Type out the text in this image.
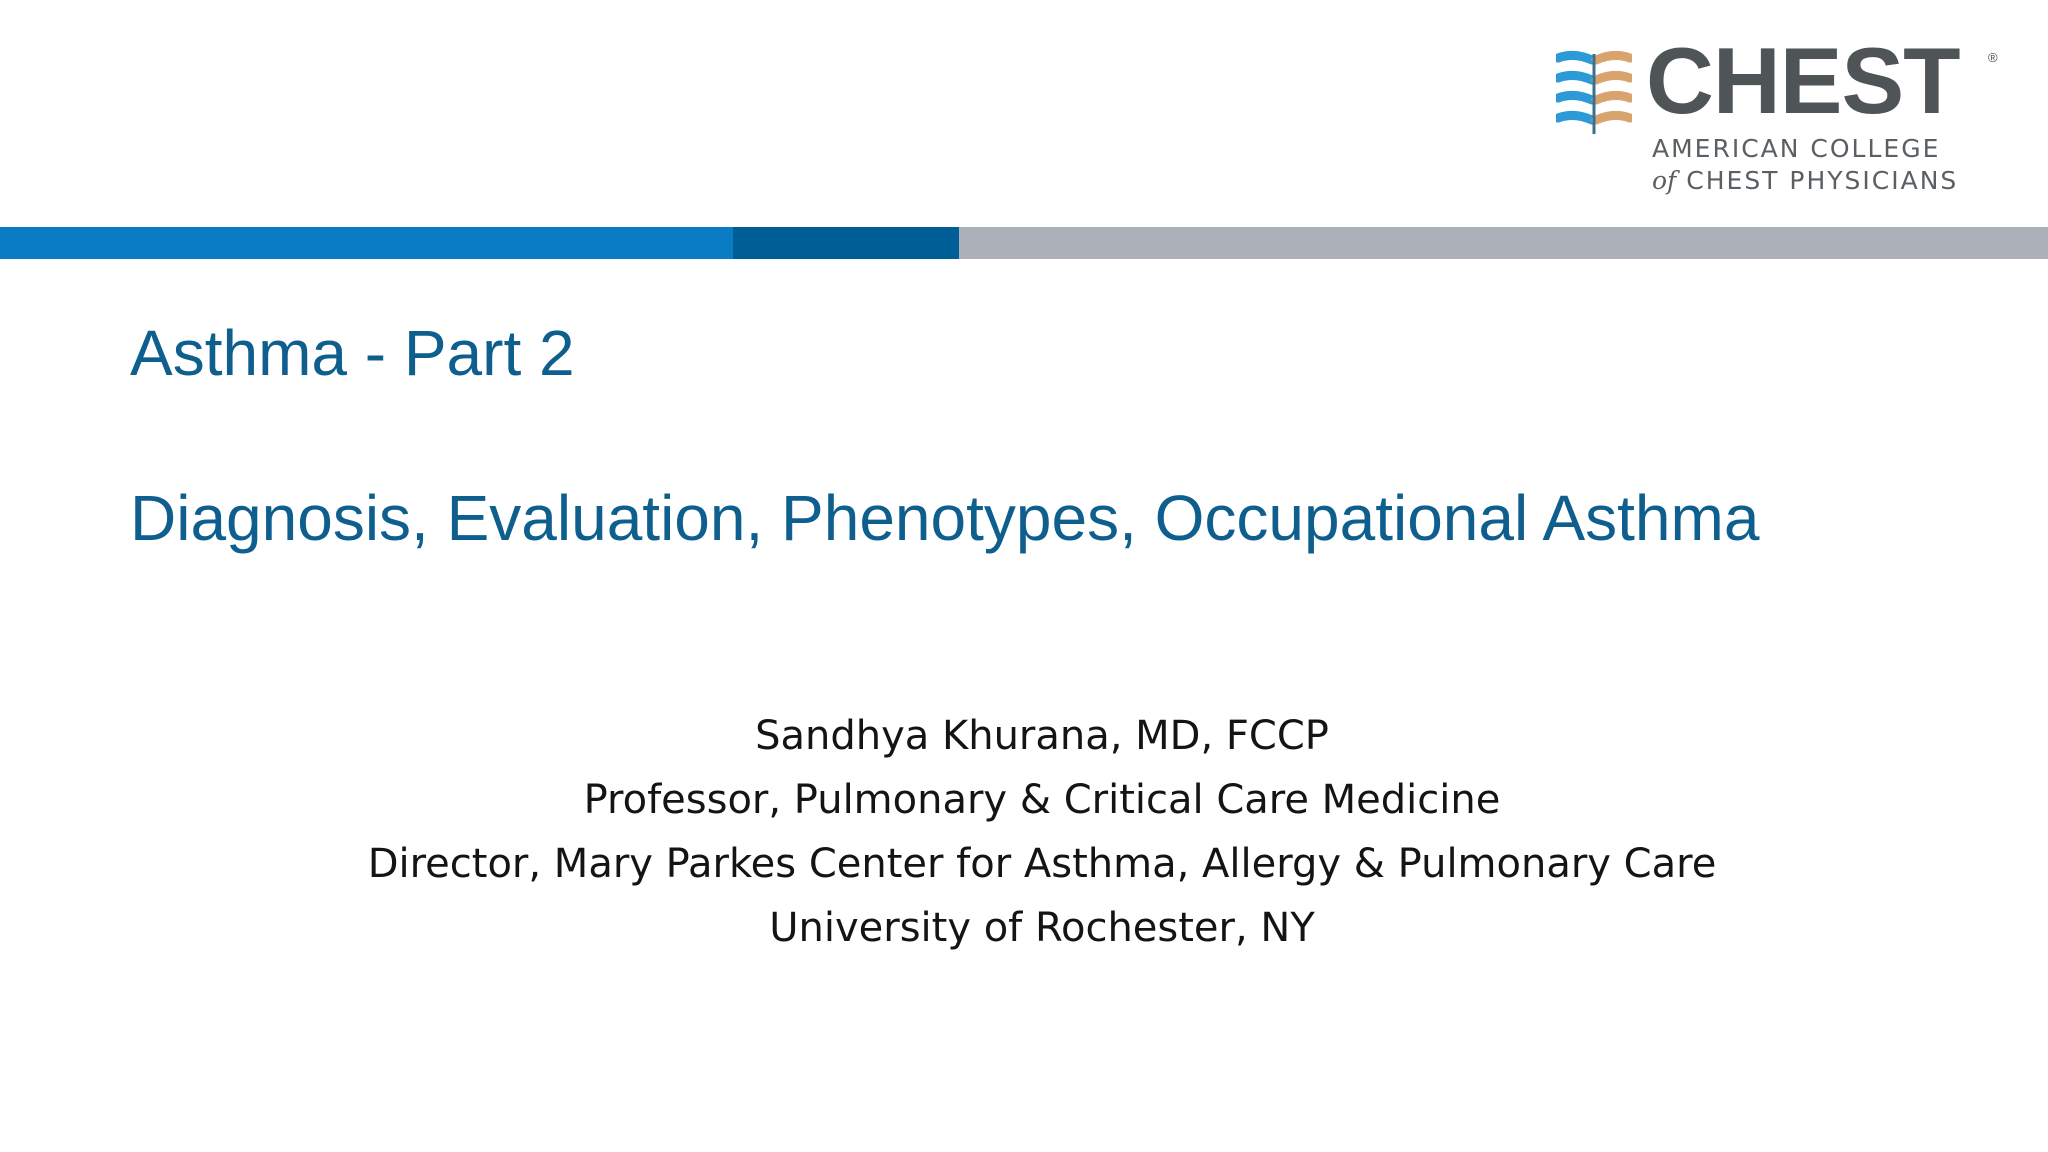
CHEST ®
AMERICAN COLLEGE
of CHEST PHYSICIANS
Asthma - Part 2
Diagnosis, Evaluation, Phenotypes, Occupational Asthma
Sandhya Khurana, MD, FCCP
Professor, Pulmonary & Critical Care Medicine
Director, Mary Parkes Center for Asthma, Allergy & Pulmonary Care
University of Rochester, NY
